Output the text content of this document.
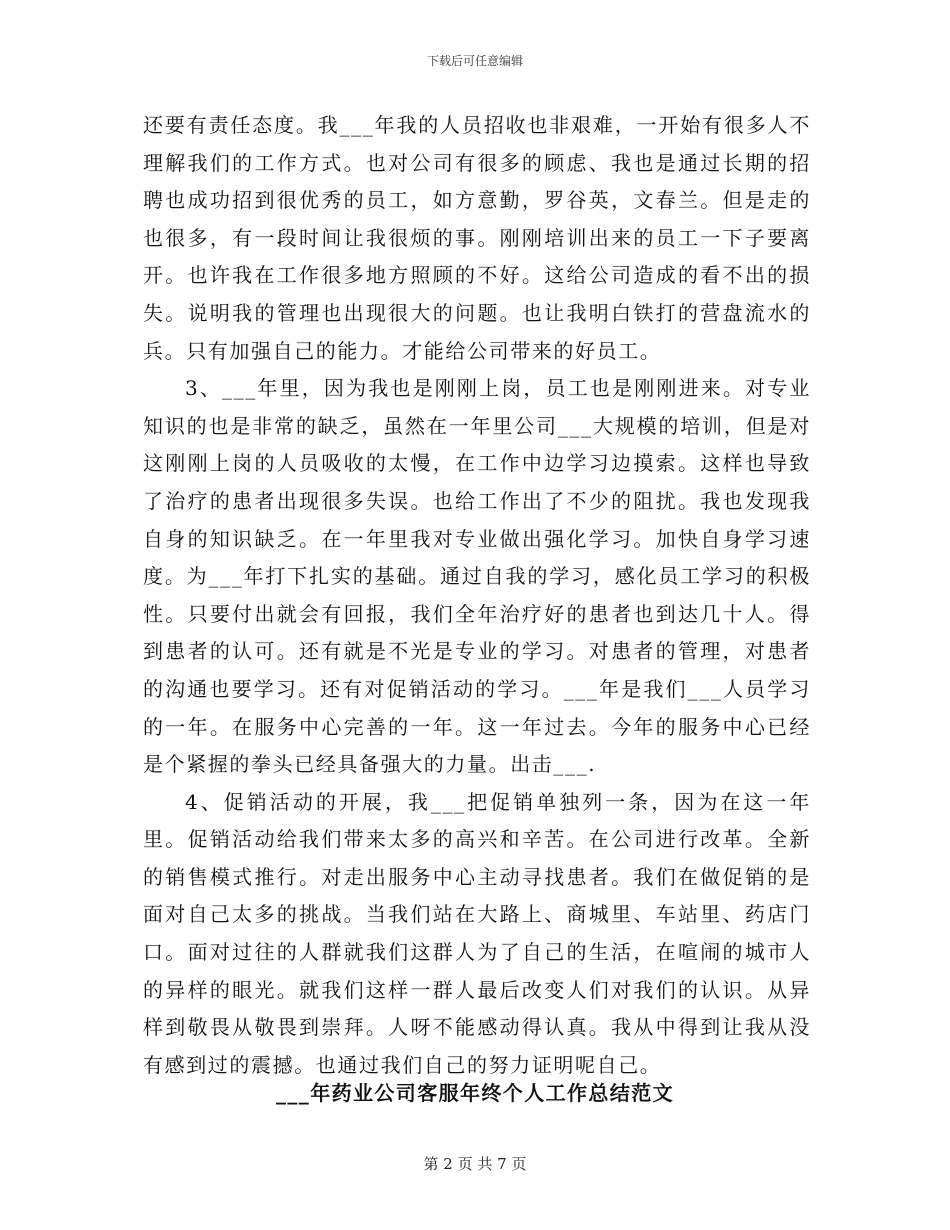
下载后可任意编辑

还要有责任态度。我___年我的人员招收也非艰难，一开始有很多人不理解我们的工作方式。也对公司有很多的顾虑、我也是通过长期的招聘也成功招到很优秀的员工，如方意勤，罗谷英，文春兰。但是走的也很多，有一段时间让我很烦的事。刚刚培训出来的员工一下子要离开。也许我在工作很多地方照顾的不好。这给公司造成的看不出的损失。说明我的管理也出现很大的问题。也让我明白铁打的营盘流水的兵。只有加强自己的能力。才能给公司带来的好员工。

3、___年里，因为我也是刚刚上岗，员工也是刚刚进来。对专业知识的也是非常的缺乏，虽然在一年里公司___大规模的培训，但是对这刚刚上岗的人员吸收的太慢，在工作中边学习边摸索。这样也导致了治疗的患者出现很多失误。也给工作出了不少的阻扰。我也发现我自身的知识缺乏。在一年里我对专业做出强化学习。加快自身学习速度。为___年打下扎实的基础。通过自我的学习，感化员工学习的积极性。只要付出就会有回报，我们全年治疗好的患者也到达几十人。得到患者的认可。还有就是不光是专业的学习。对患者的管理，对患者的沟通也要学习。还有对促销活动的学习。___年是我们___人员学习的一年。在服务中心完善的一年。这一年过去。今年的服务中心已经是个紧握的拳头已经具备强大的力量。出击___.

4、促销活动的开展，我___把促销单独列一条，因为在这一年里。促销活动给我们带来太多的高兴和辛苦。在公司进行改革。全新的销售模式推行。对走出服务中心主动寻找患者。我们在做促销的是面对自己太多的挑战。当我们站在大路上、商城里、车站里、药店门口。面对过往的人群就我们这群人为了自己的生活，在喧闹的城市人的异样的眼光。就我们这样一群人最后改变人们对我们的认识。从异样到敬畏从敬畏到崇拜。人呀不能感动得认真。我从中得到让我从没有感到过的震撼。也通过我们自己的努力证明呢自己。

___年药业公司客服年终个人工作总结范文
第 2 页 共 7 页
